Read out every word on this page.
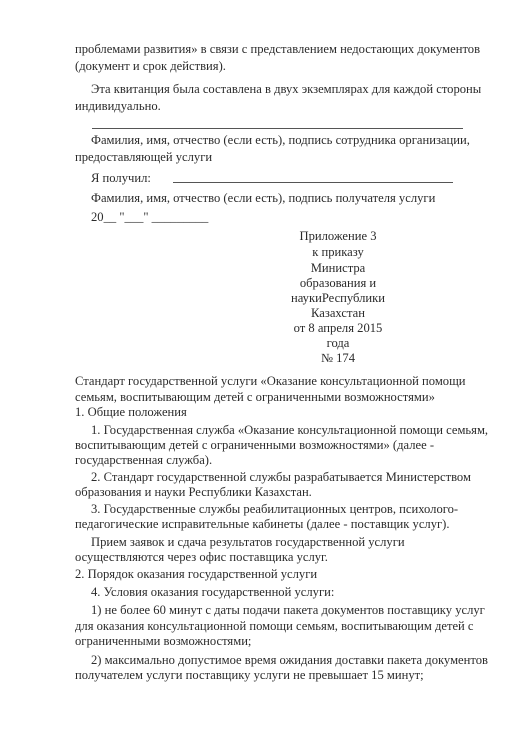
проблемами развития» в связи с представлением недостающих документов
(документ и срок действия).
Эта квитанция была составлена в двух экземплярах для каждой стороны
индивидуально.
Фамилия, имя, отчество (если есть), подпись сотрудника организации,
предоставляющей услуги
Я получил:
Фамилия, имя, отчество (если есть), подпись получателя услуги
20__ "___" _________
Приложение 3
к приказу
Министра
образования и
наукиРеспублики
Казахстан
от 8 апреля 2015
года
№ 174
Стандарт государственной услуги «Оказание консультационной помощи
семьям, воспитывающим детей с ограниченными возможностями»
1. Общие положения
1. Государственная служба «Оказание консультационной помощи семьям,
воспитывающим детей с ограниченными возможностями» (далее -
государственная служба).
2. Стандарт государственной службы разрабатывается Министерством
образования и науки Республики Казахстан.
3. Государственные службы реабилитационных центров, психолого-
педагогические исправительные кабинеты (далее - поставщик услуг).
Прием заявок и сдача результатов государственной услуги
осуществляются через офис поставщика услуг.
2. Порядок оказания государственной услуги
4. Условия оказания государственной услуги:
1) не более 60 минут с даты подачи пакета документов поставщику услуг
для оказания консультационной помощи семьям, воспитывающим детей с
ограниченными возможностями;
2) максимально допустимое время ожидания доставки пакета документов
получателем услуги поставщику услуги не превышает 15 минут;
